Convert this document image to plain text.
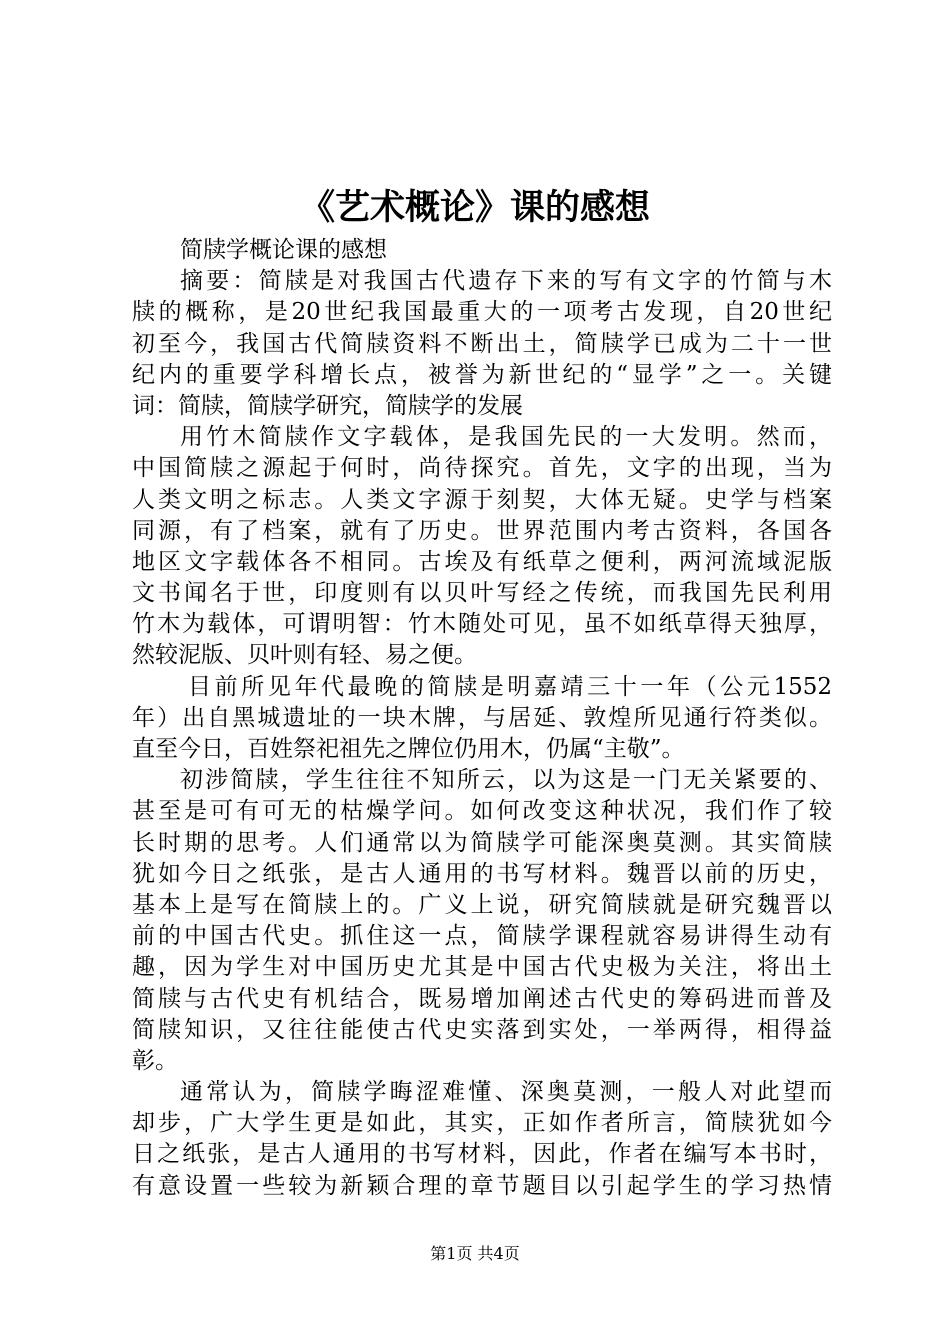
《艺术概论》课的感想
简牍学概论课的感想
摘要：简牍是对我国古代遗存下来的写有文字的竹简与木
牍的概称，是20世纪我国最重大的一项考古发现，自20世纪
初至今，我国古代简牍资料不断出土，简牍学已成为二十一世
纪内的重要学科增长点，被誉为新世纪的“显学”之一。关键
词：简牍，简牍学研究，简牍学的发展
用竹木简牍作文字载体，是我国先民的一大发明。然而，
中国简牍之源起于何时，尚待探究。首先，文字的出现，当为
人类文明之标志。人类文字源于刻契，大体无疑。史学与档案
同源，有了档案，就有了历史。世界范围内考古资料，各国各
地区文字载体各不相同。古埃及有纸草之便利，两河流域泥版
文书闻名于世，印度则有以贝叶写经之传统，而我国先民利用
竹木为载体，可谓明智：竹木随处可见，虽不如纸草得天独厚，
然较泥版、贝叶则有轻、易之便。
目前所见年代最晚的简牍是明嘉靖三十一年（公元1552
年）出自黑城遗址的一块木牌，与居延、敦煌所见通行符类似。
直至今日，百姓祭祀祖先之牌位仍用木，仍属“主敬”。
初涉简牍，学生往往不知所云，以为这是一门无关紧要的、
甚至是可有可无的枯燥学问。如何改变这种状况，我们作了较
长时期的思考。人们通常以为简牍学可能深奥莫测。其实简牍
犹如今日之纸张，是古人通用的书写材料。魏晋以前的历史，
基本上是写在简牍上的。广义上说，研究简牍就是研究魏晋以
前的中国古代史。抓住这一点，简牍学课程就容易讲得生动有
趣，因为学生对中国历史尤其是中国古代史极为关注，将出土
简牍与古代史有机结合，既易增加阐述古代史的筹码进而普及
简牍知识，又往往能使古代史实落到实处，一举两得，相得益
彰。
通常认为，简牍学晦涩难懂、深奥莫测，一般人对此望而
却步，广大学生更是如此，其实，正如作者所言，简牍犹如今
日之纸张，是古人通用的书写材料，因此，作者在编写本书时，
有意设置一些较为新颖合理的章节题目以引起学生的学习热情
第1页 共4页
